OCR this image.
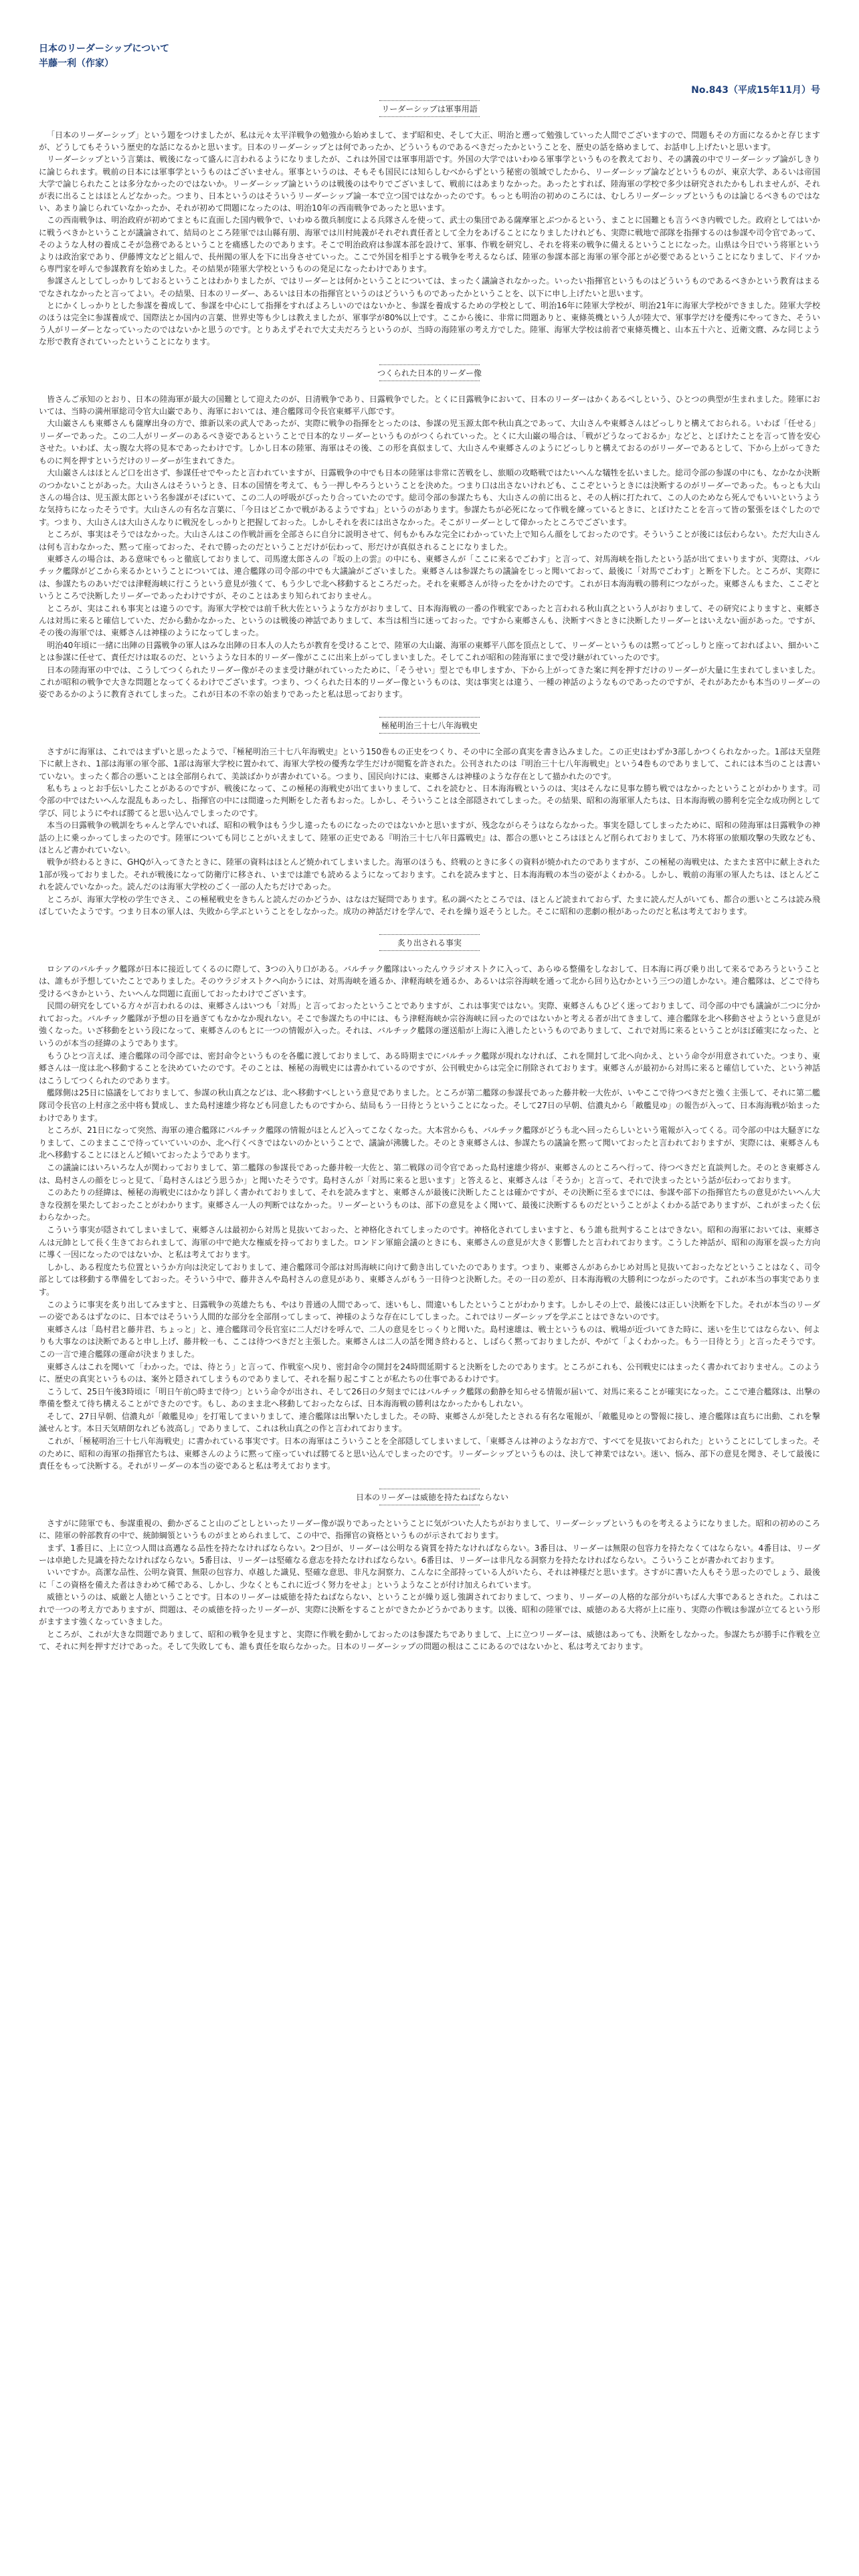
日本のリーダーシップについて
半藤一利（作家）
No.843（平成15年11月）号
リーダーシップは軍事用語

「日本のリーダーシップ」という題をつけましたが、私は元々太平洋戦争の勉強から始めまして、まず昭和史、そして大正、明治と遡って勉強していった人間でございますので、問題もその方面になるかと存じますが、どうしてもそういう歴史的な話になるかと思います。日本のリーダーシップとは何であったか、どういうものであるべきだったかということを、歴史の話を絡めまして、お話申し上げたいと思います。

リーダーシップという言葉は、戦後になって盛んに言われるようになりましたが、これは外国では軍事用語です。外国の大学ではいわゆる軍事学というものを教えており、その講義の中でリーダーシップ論がしきりに論じられます。戦前の日本には軍事学というものはございません。軍事というのは、そもそも国民には知らしむべからずという秘密の領域でしたから、リーダーシップ論などというものが、東京大学、あるいは帝国大学で論じられたことは多分なかったのではないか。リーダーシップ論というのは戦後のはやりでございまして、戦前にはあまりなかった。あったとすれば、陸海軍の学校で多少は研究されたかもしれませんが、それが表に出ることはほとんどなかった。つまり、日本というのはそういうリーダーシップ論一本で立つ国ではなかったのです。もっとも明治の初めのころには、むしろリーダーシップというものは論じるべきものではない、あまり論じられていなかったか、それが初めて問題になったのは、明治10年の西南戦争であったと思います。

この西南戦争は、明治政府が初めてまともに直面した国内戦争で、いわゆる徴兵制度による兵隊さんを使って、武士の集団である薩摩軍とぶつかるという、まことに国難とも言うべき内戦でした。政府としてはいかに戦うべきかということが議論されて、結局のところ陸軍では山縣有朋、海軍では川村純義がそれぞれ責任者として全力をあげることになりましたけれども、実際に戦地で部隊を指揮するのは参謀や司令官であって、そのような人材の養成こそが急務であるということを痛感したのであります。そこで明治政府は参謀本部を設けて、軍事、作戦を研究し、それを将来の戦争に備えるということになった。山県は今日でいう将軍というよりは政治家であり、伊藤博文などと組んで、長州閥の軍人を下に出身させていった。ここで外国を相手とする戦争を考えるならば、陸軍の参謀本部と海軍の軍令部とが必要であるということになりまして、ドイツから専門家を呼んで参謀教育を始めました。その結果が陸軍大学校というものの発足になったわけであります。

参謀さんとしてしっかりしておるということはわかりましたが、ではリーダーとは何かということについては、まったく議論されなかった。いったい指揮官というものはどういうものであるべきかという教育はまるでなされなかったと言ってよい。その結果、日本のリーダー、あるいは日本の指揮官というのはどういうものであったかということを、以下に申し上げたいと思います。

とにかくしっかりとした参謀を養成して、参謀を中心にして指揮をすればよろしいのではないかと、参謀を養成するための学校として、明治16年に陸軍大学校が、明治21年に海軍大学校ができました。陸軍大学校のほうは完全に参謀養成で、国際法とか国内の言葉、世界史等も少しは教えましたが、軍事学が80%以上です。ここから後に、非常に問題ありと、東條英機という人が陸大で、軍事学だけを優秀にやってきた、そういう人がリーダーとなっていったのではないかと思うのです。とりあえずそれで大丈夫だろうというのが、当時の海陸軍の考え方でした。陸軍、海軍大学校は前者で東條英機と、山本五十六と、近衛文麿、みな同じような形で教育されていったということになります。

つくられた日本的リーダー像

皆さんご承知のとおり、日本の陸海軍が最大の国難として迎えたのが、日清戦争であり、日露戦争でした。とくに日露戦争において、日本のリーダーはかくあるべしという、ひとつの典型が生まれました。陸軍においては、当時の満州軍総司令官大山巌であり、海軍においては、連合艦隊司令長官東郷平八郎です。

大山巌さんも東郷さんも薩摩出身の方で、維新以来の武人であったが、実際に戦争の指揮をとったのは、参謀の児玉源太郎や秋山真之であって、大山さんや東郷さんはどっしりと構えておられる。いわば「任せる」リーダーであった。この二人がリーダーのあるべき姿であるということで日本的なリーダーというものがつくられていった。とくに大山巌の場合は、「戦がどうなっておるか」などと、とぼけたことを言って皆を安心させた。いわば、太っ腹な大将の見本であったわけです。しかし日本の陸軍、海軍はその後、この形を真似まして、大山さんや東郷さんのようにどっしりと構えておるのがリーダーであるとして、下から上がってきたものに判を押すというだけのリーダーが生まれてきた。

大山巌さんはほとんど口を出さず、参謀任せでやったと言われていますが、日露戦争の中でも日本の陸軍は非常に苦戦をし、旅順の攻略戦ではたいへんな犠牲を払いました。総司令部の参謀の中にも、なかなか決断のつかないことがあった。大山さんはそういうとき、日本の国情を考えて、もう一押しやろうということを決めた。つまり口は出さないけれども、ここぞというときには決断するのがリーダーであった。もっとも大山さんの場合は、児玉源太郎という名参謀がそばにいて、この二人の呼吸がぴったり合っていたのです。総司令部の参謀たちも、大山さんの前に出ると、その人柄に打たれて、この人のためなら死んでもいいというような気持ちになったそうです。大山さんの有名な言葉に、「今日はどこかで戦があるようですね」というのがあります。参謀たちが必死になって作戦を練っているときに、とぼけたことを言って皆の緊張をほぐしたのです。つまり、大山さんは大山さんなりに戦況をしっかりと把握しておった。しかしそれを表には出さなかった。そこがリーダーとして偉かったところでございます。

ところが、事実はそうではなかった。大山さんはこの作戦計画を全部さらに自分に説明させて、何もかもみな完全にわかっていた上で知らん顔をしておったのです。そういうことが後には伝わらない。ただ大山さんは何も言わなかった、黙って座っておった、それで勝ったのだということだけが伝わって、形だけが真似されることになりました。

東郷さんの場合は、ある意味でもっと徹底しておりまして、司馬遼太郎さんの『坂の上の雲』の中にも、東郷さんが「ここに来るでごわす」と言って、対馬海峡を指したという話が出てまいりますが、実際は、バルチック艦隊がどこから来るかということについては、連合艦隊の司令部の中でも大議論がございました。東郷さんは参謀たちの議論をじっと聞いておって、最後に「対馬でごわす」と断を下した。ところが、実際には、参謀たちのあいだでは津軽海峡に行こうという意見が強くて、もう少しで北へ移動するところだった。それを東郷さんが待ったをかけたのです。これが日本海海戦の勝利につながった。東郷さんもまた、ここぞというところで決断したリーダーであったわけですが、そのことはあまり知られておりません。

ところが、実はこれも事実とは違うのです。海軍大学校では前千秋大佐というような方がおりまして、日本海海戦の一番の作戦家であったと言われる秋山真之という人がおりまして、その研究によりますと、東郷さんは対馬に来ると確信していた、だから動かなかった、というのは戦後の神話でありまして、本当は相当に迷っておった。ですから東郷さんも、決断すべきときに決断したリーダーとはいえない面があった。ですが、その後の海軍では、東郷さんは神様のようになってしまった。

明治40年頃に一緒に出陣の日露戦争の軍人はみな出陣の日本人の人たちが教育を受けることで、陸軍の大山巌、海軍の東郷平八郎を頂点として、リーダーというものは黙ってどっしりと座っておればよい、細かいことは参謀に任せて、責任だけは取るのだ、というような日本的リーダー像がここに出来上がってしまいました。そしてこれが昭和の陸海軍にまで受け継がれていったのです。

日本の陸海軍の中では、こうしてつくられたリーダー像がそのまま受け継がれていったために、「そうせい」型とでも申しますか、下から上がってきた案に判を押すだけのリーダーが大量に生まれてしまいました。これが昭和の戦争で大きな問題となってくるわけでございます。つまり、つくられた日本的リーダー像というものは、実は事実とは違う、一種の神話のようなものであったのですが、それがあたかも本当のリーダーの姿であるかのように教育されてしまった。これが日本の不幸の始まりであったと私は思っております。

極秘明治三十七八年海戦史

さすがに海軍は、これではまずいと思ったようで、『極秘明治三十七八年海戦史』という150巻もの正史をつくり、その中に全部の真実を書き込みました。この正史はわずか3部しかつくられなかった。1部は天皇陛下に献上され、1部は海軍の軍令部、1部は海軍大学校に置かれて、海軍大学校の優秀な学生だけが閲覧を許された。公刊されたのは『明治三十七八年海戦史』という4巻ものでありまして、これには本当のことは書いていない。まったく都合の悪いことは全部削られて、美談ばかりが書かれている。つまり、国民向けには、東郷さんは神様のような存在として描かれたのです。

私もちょっとお手伝いしたことがあるのですが、戦後になって、この極秘の海戦史が出てまいりまして、これを読むと、日本海海戦というのは、実はそんなに見事な勝ち戦ではなかったということがわかります。司令部の中ではたいへんな混乱もあったし、指揮官の中には間違った判断をした者もおった。しかし、そういうことは全部隠されてしまった。その結果、昭和の海軍軍人たちは、日本海海戦の勝利を完全な成功例として学び、同じようにやれば勝てると思い込んでしまったのです。

本当の日露戦争の戦訓をちゃんと学んでいれば、昭和の戦争はもう少し違ったものになったのではないかと思いますが、残念ながらそうはならなかった。事実を隠してしまったために、昭和の陸海軍は日露戦争の神話の上に乗っかってしまったのです。陸軍についても同じことがいえまして、陸軍の正史である『明治三十七八年日露戦史』は、都合の悪いところはほとんど削られておりまして、乃木将軍の旅順攻撃の失敗なども、ほとんど書かれていない。

戦争が終わるときに、GHQが入ってきたときに、陸軍の資料はほとんど焼かれてしまいました。海軍のほうも、終戦のときに多くの資料が焼かれたのでありますが、この極秘の海戦史は、たまたま宮中に献上された1部が残っておりました。それが戦後になって防衛庁に移され、いまでは誰でも読めるようになっております。これを読みますと、日本海海戦の本当の姿がよくわかる。しかし、戦前の海軍の軍人たちは、ほとんどこれを読んでいなかった。読んだのは海軍大学校のごく一部の人たちだけであった。

ところが、海軍大学校の学生でさえ、この極秘戦史をきちんと読んだのかどうか、はなはだ疑問であります。私の調べたところでは、ほとんど読まれておらず、たまに読んだ人がいても、都合の悪いところは読み飛ばしていたようです。つまり日本の軍人は、失敗から学ぶということをしなかった。成功の神話だけを学んで、それを繰り返そうとした。そこに昭和の悲劇の根があったのだと私は考えております。

炙り出される事実

ロシアのバルチック艦隊が日本に接近してくるのに際して、3つの入り口がある。バルチック艦隊はいったんウラジオストクに入って、あらゆる整備をしなおして、日本海に再び乗り出して来るであろうということは、誰もが予想していたことでありました。そのウラジオストクへ向かうには、対馬海峡を通るか、津軽海峡を通るか、あるいは宗谷海峡を通って北から回り込むかという三つの道しかない。連合艦隊は、どこで待ち受けるべきかという、たいへんな問題に直面しておったわけでございます。

民間の研究をしている方々が言われるのは、東郷さんはいつも「対馬」と言っておったということでありますが、これは事実ではない。実際、東郷さんもひどく迷っておりまして、司令部の中でも議論が二つに分かれておった。バルチック艦隊が予想の日を過ぎてもなかなか現れない。そこで参謀たちの中には、もう津軽海峡か宗谷海峡に回ったのではないかと考える者が出てきまして、連合艦隊を北へ移動させようという意見が強くなった。いざ移動をという段になって、東郷さんのもとに一つの情報が入った。それは、バルチック艦隊の運送船が上海に入港したというものでありまして、これで対馬に来るということがほぼ確実になった、というのが本当の経緯のようであります。

もうひとつ言えば、連合艦隊の司令部では、密封命令というものを各艦に渡しておりまして、ある時期までにバルチック艦隊が現れなければ、これを開封して北へ向かえ、という命令が用意されていた。つまり、東郷さんは一度は北へ移動することを決めていたのです。そのことは、極秘の海戦史には書かれているのですが、公刊戦史からは完全に削除されております。東郷さんが最初から対馬に来ると確信していた、という神話はこうしてつくられたのであります。

艦隊側は25日に協議をしておりまして、参謀の秋山真之などは、北へ移動すべしという意見でありました。ところが第二艦隊の参謀長であった藤井較一大佐が、いやここで待つべきだと強く主張して、それに第二艦隊司令長官の上村彦之丞中将も賛成し、また島村速雄少将なども同意したものですから、結局もう一日待とうということになった。そして27日の早朝、信濃丸から「敵艦見ゆ」の報告が入って、日本海海戦が始まったわけであります。

ところが、21日になって突然、海軍の連合艦隊にバルチック艦隊の情報がほとんど入ってこなくなった。大本営からも、バルチック艦隊がどうも北へ回ったらしいという電報が入ってくる。司令部の中は大騒ぎになりまして、このままここで待っていていいのか、北へ行くべきではないのかということで、議論が沸騰した。そのとき東郷さんは、参謀たちの議論を黙って聞いておったと言われておりますが、実際には、東郷さんも北へ移動することにほとんど傾いておったようであります。

この議論にはいろいろな人が関わっておりまして、第二艦隊の参謀長であった藤井較一大佐と、第二戦隊の司令官であった島村速雄少将が、東郷さんのところへ行って、待つべきだと直談判した。そのとき東郷さんは、島村さんの顔をじっと見て、「島村さんはどう思うか」と聞いたそうです。島村さんが「対馬に来ると思います」と答えると、東郷さんは「そうか」と言って、それで決まったという話が伝わっております。

このあたりの経緯は、極秘の海戦史にはかなり詳しく書かれておりまして、それを読みますと、東郷さんが最後に決断したことは確かですが、その決断に至るまでには、参謀や部下の指揮官たちの意見がたいへん大きな役割を果たしておったことがわかります。東郷さん一人の判断ではなかった。リーダーというものは、部下の意見をよく聞いて、最後に決断するものだということがよくわかる話でありますが、これがまったく伝わらなかった。

こういう事実が隠されてしまいまして、東郷さんは最初から対馬と見抜いておった、と神格化されてしまったのです。神格化されてしまいますと、もう誰も批判することはできない。昭和の海軍においては、東郷さんは元帥として長く生きておられまして、海軍の中で絶大な権威を持っておりました。ロンドン軍縮会議のときにも、東郷さんの意見が大きく影響したと言われております。こうした神話が、昭和の海軍を誤った方向に導く一因になったのではないか、と私は考えております。

しかし、ある程度たち位置というか方向は決定しておりまして、連合艦隊司令部は対馬海峡に向けて動き出していたのであります。つまり、東郷さんがあらかじめ対馬と見抜いておったなどということはなく、司令部としては移動する準備をしておった。そういう中で、藤井さんや島村さんの意見があり、東郷さんがもう一日待つと決断した。その一日の差が、日本海海戦の大勝利につながったのです。これが本当の事実であります。

このように事実を炙り出してみますと、日露戦争の英雄たちも、やはり普通の人間であって、迷いもし、間違いもしたということがわかります。しかしその上で、最後には正しい決断を下した。それが本当のリーダーの姿であるはずなのに、日本ではそういう人間的な部分を全部削ってしまって、神様のような存在にしてしまった。これではリーダーシップを学ぶことはできないのです。

東郷さんは「島村君と藤井君、ちょっと」と、連合艦隊司令長官室に二人だけを呼んで、二人の意見をじっくりと聞いた。島村速雄は、戦士というものは、戦場が近づいてきた時に、迷いを生じてはならない、何よりも大事なのは決断であると申し上げ、藤井較一も、ここは待つべきだと主張した。東郷さんは二人の話を聞き終わると、しばらく黙っておりましたが、やがて「よくわかった。もう一日待とう」と言ったそうです。この一言で連合艦隊の運命が決まりました。

東郷さんはこれを聞いて「わかった。では、待とう」と言って、作戦室へ戻り、密封命令の開封を24時間延期すると決断をしたのであります。ところがこれも、公刊戦史にはまったく書かれておりません。このように、歴史の真実というものは、案外と隠されてしまうものでありまして、それを掘り起こすことが私たちの仕事であるわけです。

こうして、25日午後3時頃に「明日午前○時まで待つ」という命令が出され、そして26日の夕刻までにはバルチック艦隊の動静を知らせる情報が届いて、対馬に来ることが確実になった。ここで連合艦隊は、出撃の準備を整えて待ち構えることができたのです。もし、あのまま北へ移動しておったならば、日本海海戦の勝利はなかったかもしれない。

そして、27日早朝、信濃丸が「敵艦見ゆ」を打電してまいりまして、連合艦隊は出撃いたしました。その時、東郷さんが発したとされる有名な電報が、「敵艦見ゆとの警報に接し、連合艦隊は直ちに出動、これを撃滅せんとす。本日天気晴朗なれども波高し」でありまして、これは秋山真之の作と言われております。

これが、「極秘明治三十七八年海戦史」に書かれている事実です。日本の海軍はこういうことを全部隠してしまいまして、「東郷さんは神のようなお方で、すべてを見抜いておられた」ということにしてしまった。そのために、昭和の海軍の指揮官たちは、東郷さんのように黙って座っていれば勝てると思い込んでしまったのです。リーダーシップというものは、決して神業ではない。迷い、悩み、部下の意見を聞き、そして最後に責任をもって決断する。それがリーダーの本当の姿であると私は考えております。

日本のリーダーは威徳を持たねばならない

さすがに陸軍でも、参謀重視の、動かざること山のごとしといったリーダー像が誤りであったということに気がついた人たちがおりまして、リーダーシップというものを考えるようになりました。昭和の初めのころに、陸軍の幹部教育の中で、統帥綱領というものがまとめられまして、この中で、指揮官の資格というものが示されております。

まず、1番目に、上に立つ人間は高邁なる品性を持たなければならない。2つ目が、リーダーは公明なる資質を持たなければならない。3番目は、リーダーは無限の包容力を持たなくてはならない。4番目は、リーダーは卓絶した見識を持たなければならない。5番目は、リーダーは堅確なる意志を持たなければならない。6番目は、リーダーは非凡なる洞察力を持たなければならない。こういうことが書かれております。

いいですか。高潔な品性、公明な資質、無限の包容力、卓越した識見、堅確な意思、非凡な洞察力、こんなに全部持っている人がいたら、それは神様だと思います。さすがに書いた人もそう思ったのでしょう、最後に「この資格を備えた者はきわめて稀である、しかし、少なくともこれに近づく努力をせよ」というようなことが付け加えられています。

威徳というのは、威厳と人徳ということです。日本のリーダーは威徳を持たねばならない、ということが繰り返し強調されておりまして、つまり、リーダーの人格的な部分がいちばん大事であるとされた。これはこれで一つの考え方でありますが、問題は、その威徳を持ったリーダーが、実際に決断をすることができたかどうかであります。以後、昭和の陸軍では、威徳のある大将が上に座り、実際の作戦は参謀が立てるという形がますます強くなっていきました。

ところが、これが大きな問題でありまして、昭和の戦争を見ますと、実際に作戦を動かしておったのは参謀たちでありまして、上に立つリーダーは、威徳はあっても、決断をしなかった。参謀たちが勝手に作戦を立て、それに判を押すだけであった。そして失敗しても、誰も責任を取らなかった。日本のリーダーシップの問題の根はここにあるのではないかと、私は考えております。
